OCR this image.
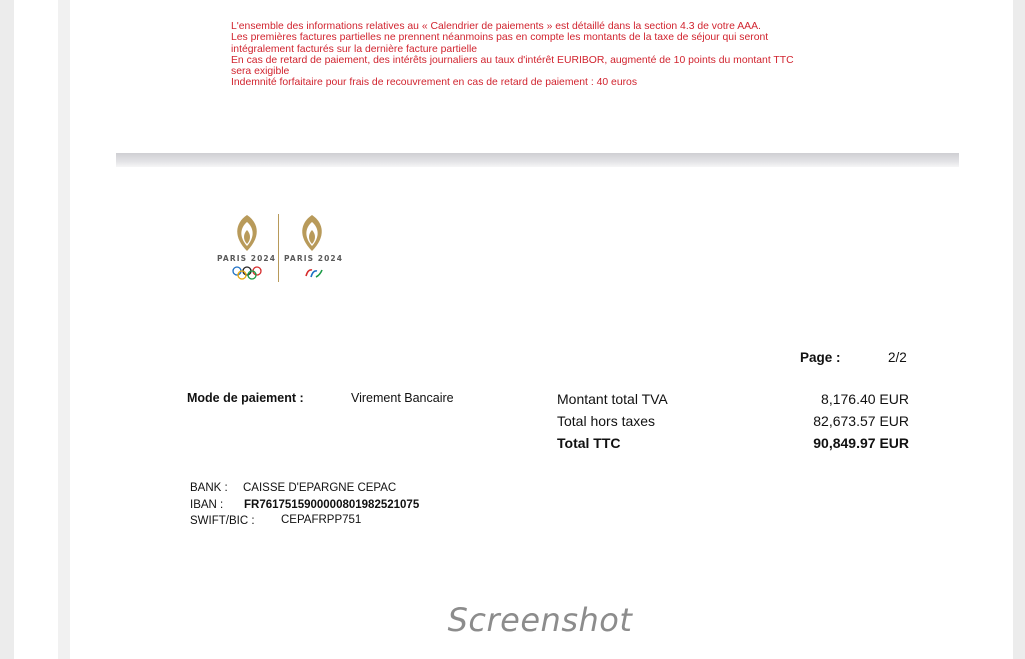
L'ensemble des informations relatives au « Calendrier de paiements » est détaillé dans la section 4.3 de votre AAA.
Les premières factures partielles ne prennent néanmoins pas en compte les montants de la taxe de séjour qui seront
intégralement facturés sur la dernière facture partielle
En cas de retard de paiement, des intérêts journaliers au taux d'intérêt EURIBOR, augmenté de 10 points du montant TTC
sera exigible
Indemnité forfaitaire pour frais de recouvrement en cas de retard de paiement : 40 euros
PARIS 2024 PARIS 2024
Page :	2/2
Mode de paiement :	Virement Bancaire	Montant total TVA	8,176.40 EUR
Total hors taxes	82,673.57 EUR
Total TTC	90,849.97 EUR
BANK : CAISSE D'EPARGNE CEPAC
IBAN : FR7617515900000801982521075
SWIFT/BIC : CEPAFRPP751
Screenshot
